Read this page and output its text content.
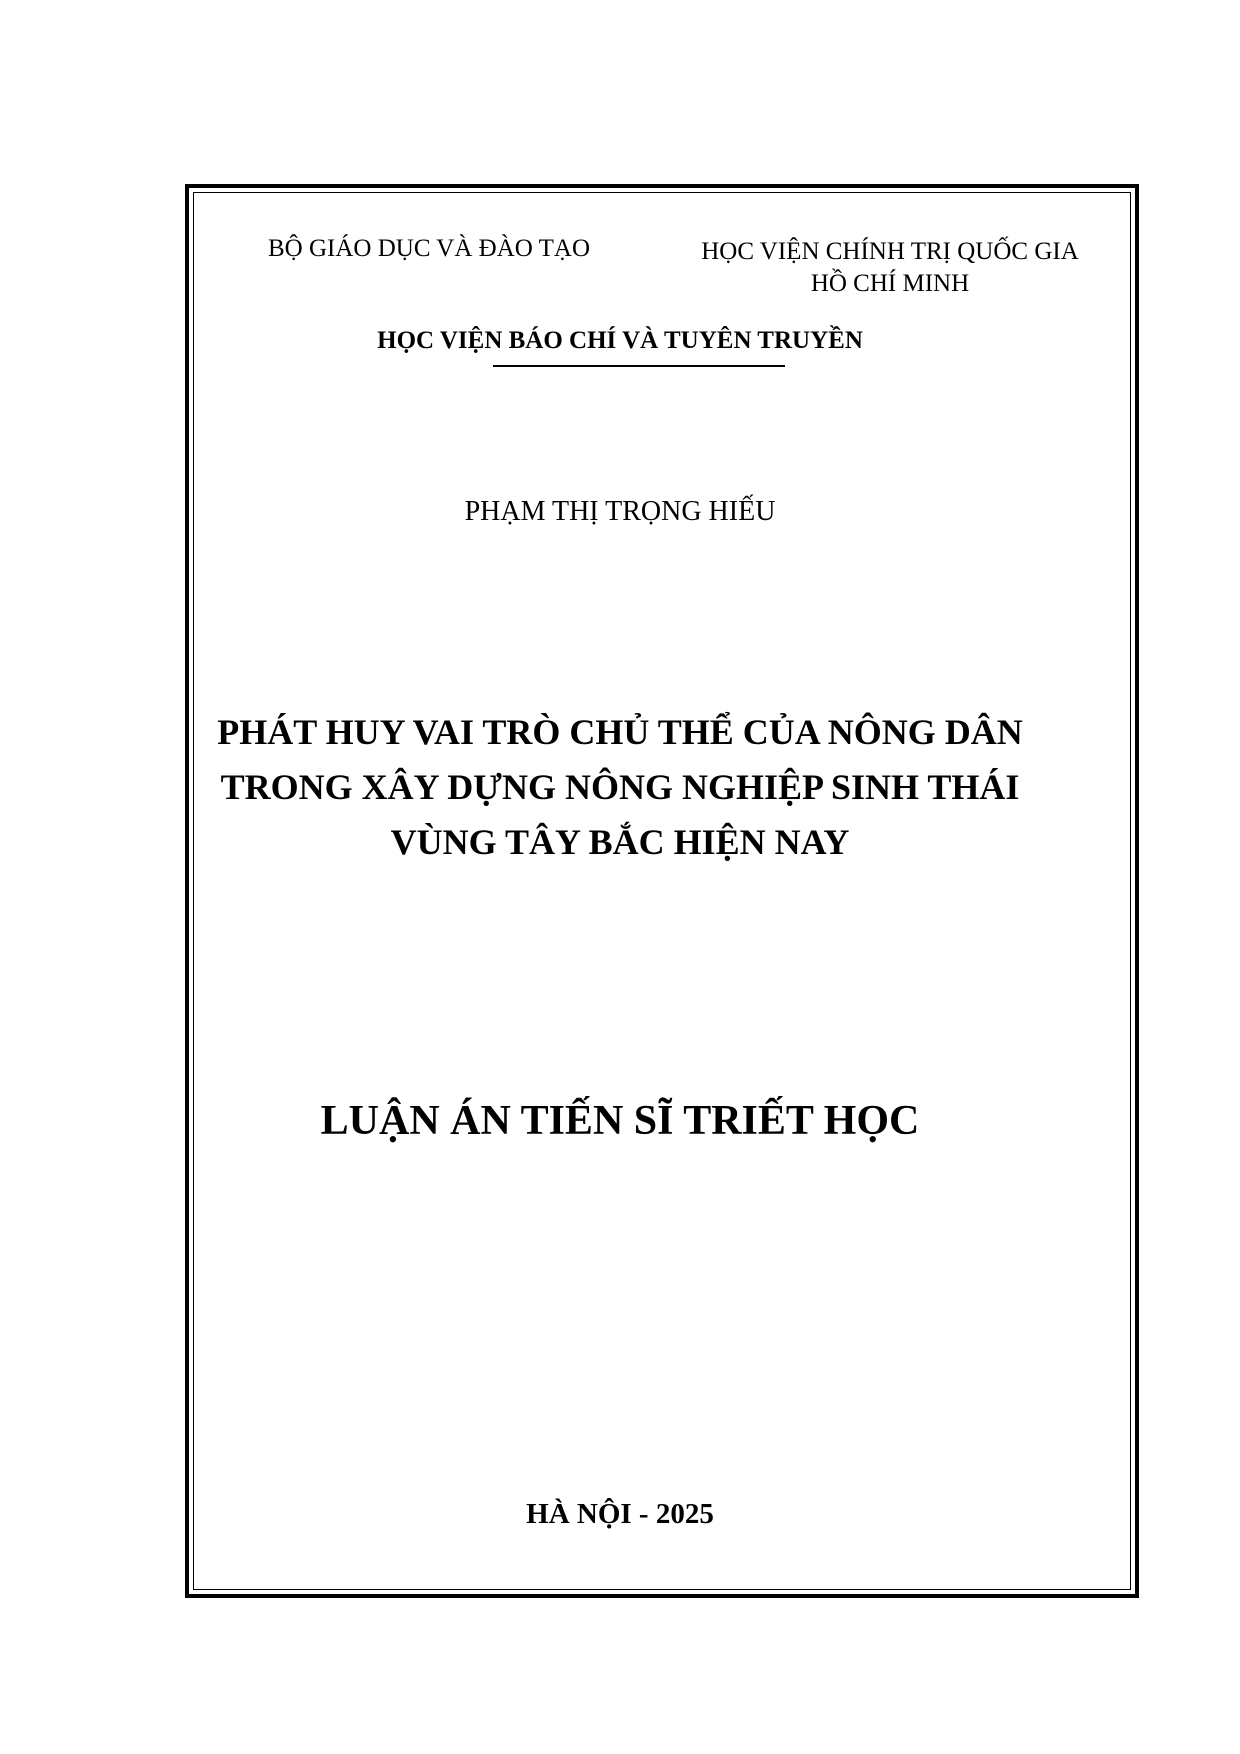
BỘ GIÁO DỤC VÀ ĐÀO TẠO	HỌC VIỆN CHÍNH TRỊ QUỐC GIA
HỒ CHÍ MINH
HỌC VIỆN BÁO CHÍ VÀ TUYÊN TRUYỀN
PHẠM THỊ TRỌNG HIẾU
PHÁT HUY VAI TRÒ CHỦ THỂ CỦA NÔNG DÂN
TRONG XÂY DỰNG NÔNG NGHIỆP SINH THÁI
VÙNG TÂY BẮC HIỆN NAY
LUẬN ÁN TIẾN SĨ TRIẾT HỌC
HÀ NỘI - 2025
